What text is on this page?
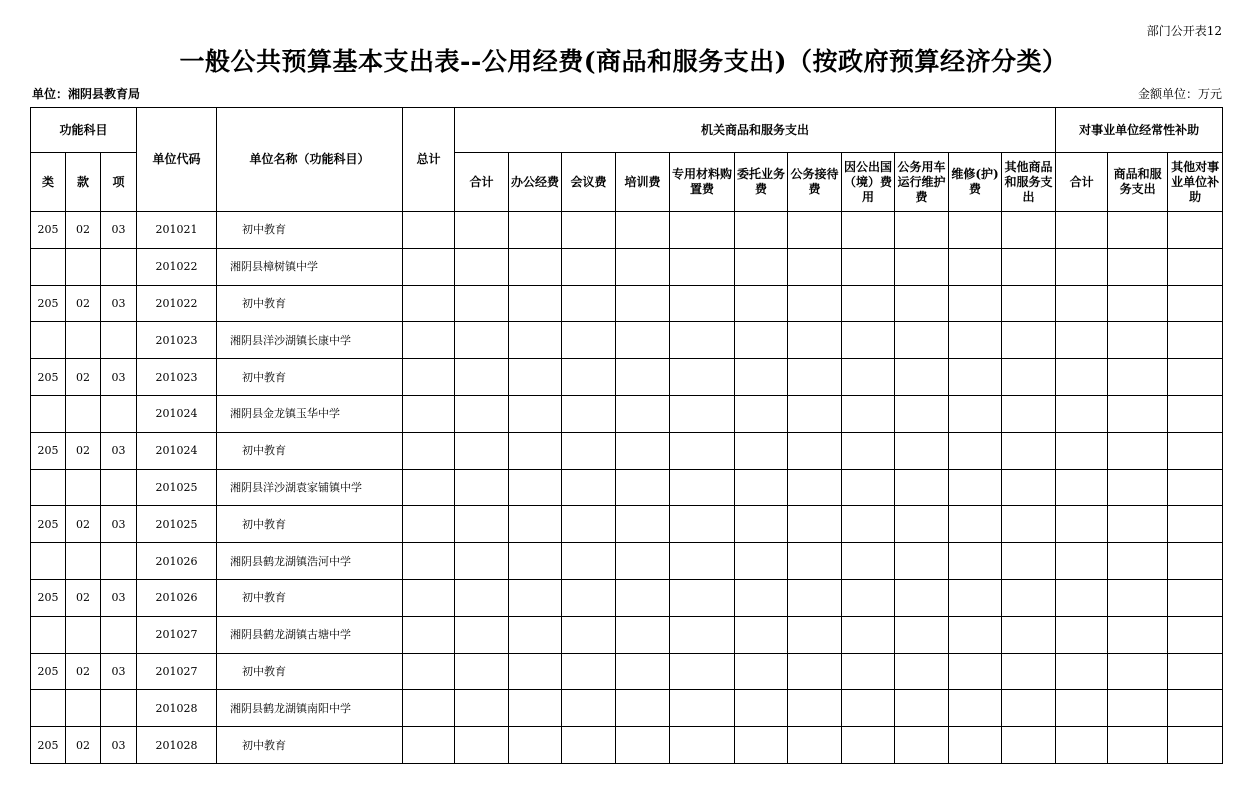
部门公开表12
一般公共预算基本支出表--公用经费(商品和服务支出)（按政府预算经济分类）
单位：湘阴县教育局	金额单位：万元
功能科目			单位代码	单位名称（功能科目）	总计	机关商品和服务支出											对事业单位经常性补助		
类	款	项				合计	办公经费	会议费	培训费	专用材料购置费	委托业务费	公务接待费	因公出国（境）费用	公务用车运行维护费	维修(护)费	其他商品和服务支出	合计	商品和服务支出	其他对事业单位补助
205	02	03	201021	初中教育															
			201022	湘阴县樟树镇中学															
205	02	03	201022	初中教育															
			201023	湘阴县洋沙湖镇长康中学															
205	02	03	201023	初中教育															
			201024	湘阴县金龙镇玉华中学															
205	02	03	201024	初中教育															
			201025	湘阴县洋沙湖袁家铺镇中学															
205	02	03	201025	初中教育															
			201026	湘阴县鹤龙湖镇浩河中学															
205	02	03	201026	初中教育															
			201027	湘阴县鹤龙湖镇古塘中学															
205	02	03	201027	初中教育															
			201028	湘阴县鹤龙湖镇南阳中学															
205	02	03	201028	初中教育															
